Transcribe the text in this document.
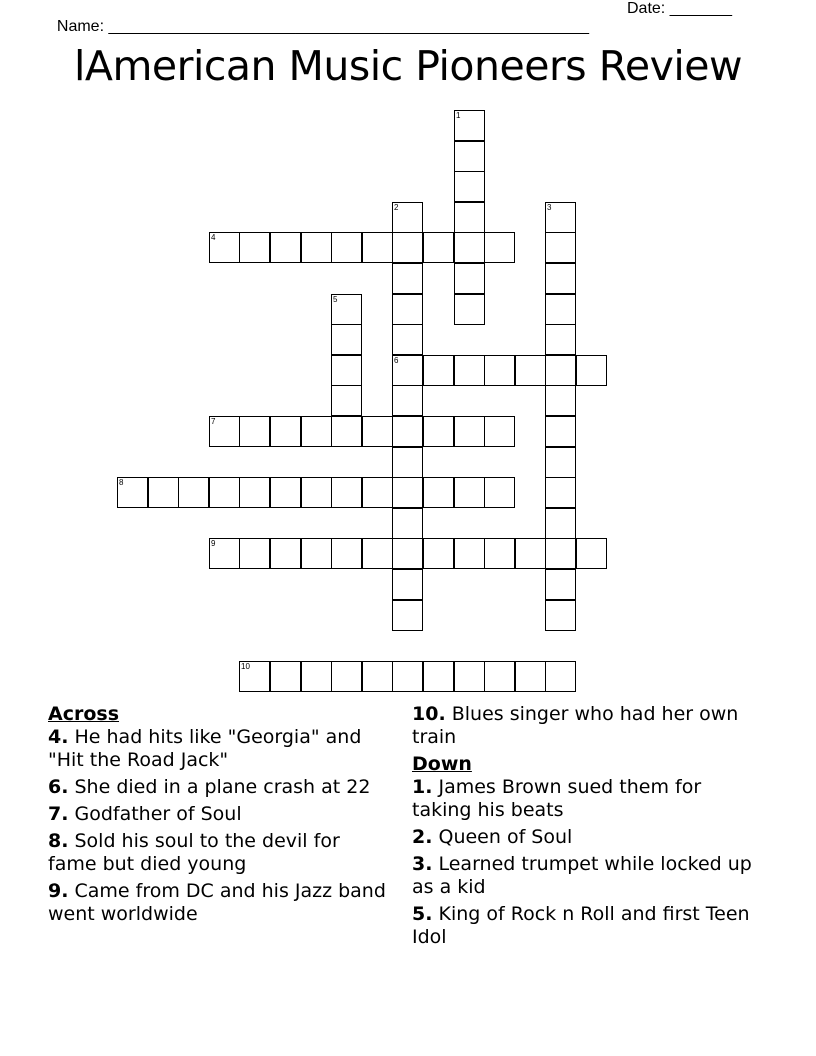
Name: ______________________________________________________

Date: _______

lAmerican Music Pioneers Review
1
2
6
3
4
5
7
8
9
10
Across
4. He had hits like "Georgia" and "Hit the Road Jack"
6. She died in a plane crash at 22
7. Godfather of Soul
8. Sold his soul to the devil for fame but died young
9. Came from DC and his Jazz band went worldwide
10. Blues singer who had her own train
Down
1. James Brown sued them for taking his beats
2. Queen of Soul
3. Learned trumpet while locked up as a kid
5. King of Rock n Roll and first Teen Idol
